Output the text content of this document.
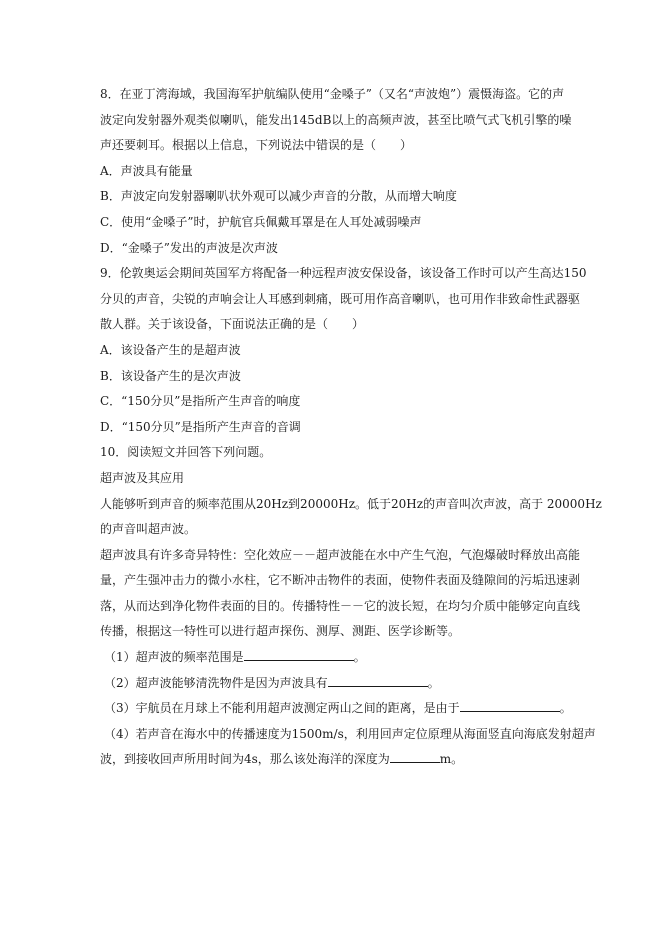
8．在亚丁湾海域，我国海军护航编队使用“金嗓子”（又名“声波炮”）震慑海盗。它的声
波定向发射器外观类似喇叭，能发出145dB以上的高频声波，甚至比喷气式飞机引擎的噪
声还要刺耳。根据以上信息，下列说法中错误的是（　　）
A．声波具有能量
B．声波定向发射器喇叭状外观可以减少声音的分散，从而增大响度
C．使用“金嗓子”时，护航官兵佩戴耳罩是在人耳处减弱噪声
D．“金嗓子”发出的声波是次声波
9．伦敦奥运会期间英国军方将配备一种远程声波安保设备，该设备工作时可以产生高达150
分贝的声音，尖锐的声响会让人耳感到刺痛，既可用作高音喇叭，也可用作非致命性武器驱
散人群。关于该设备，下面说法正确的是（　　）
A．该设备产生的是超声波
B．该设备产生的是次声波
C．“150分贝”是指所产生声音的响度
D．“150分贝”是指所产生声音的音调
10．阅读短文并回答下列问题。
超声波及其应用
人能够听到声音的频率范围从20Hz到20000Hz。低于20Hz的声音叫次声波，高于 20000Hz
的声音叫超声波。
超声波具有许多奇异特性：空化效应－－超声波能在水中产生气泡，气泡爆破时释放出高能
量，产生强冲击力的微小水柱，它不断冲击物件的表面，使物件表面及缝隙间的污垢迅速剥
落，从而达到净化物件表面的目的。传播特性－－它的波长短，在均匀介质中能够定向直线
传播，根据这一特性可以进行超声探伤、测厚、测距、医学诊断等。
（1）超声波的频率范围是	。
（2）超声波能够清洗物件是因为声波具有	。
（3）宇航员在月球上不能利用超声波测定两山之间的距离，是由于	。
（4）若声音在海水中的传播速度为1500m/s，利用回声定位原理从海面竖直向海底发射超声
波，到接收回声所用时间为4s，那么该处海洋的深度为	m。
